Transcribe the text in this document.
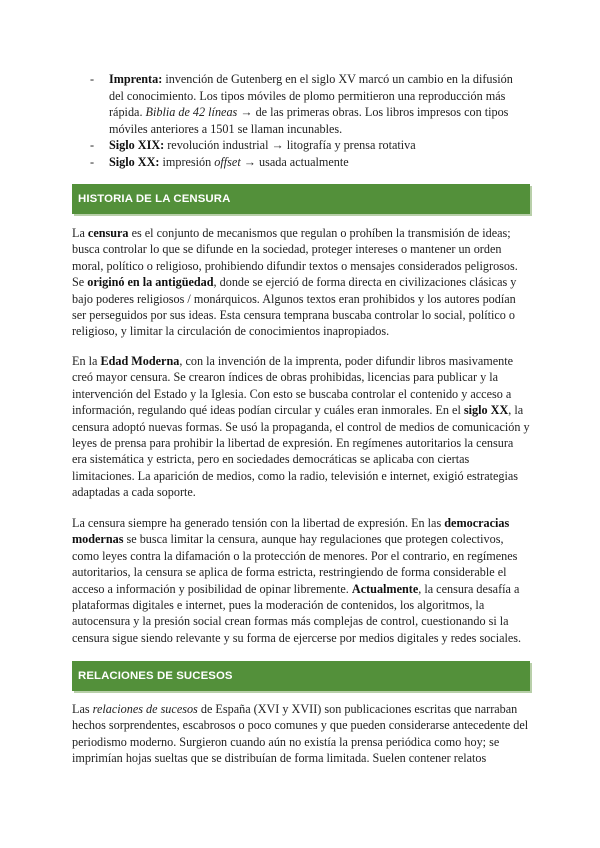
- Imprenta: invención de Gutenberg en el siglo XV marcó un cambio en la difusión del conocimiento. Los tipos móviles de plomo permitieron una reproducción más rápida. Biblia de 42 líneas → de las primeras obras. Los libros impresos con tipos móviles anteriores a 1501 se llaman incunables.
- Siglo XIX: revolución industrial → litografía y prensa rotativa
- Siglo XX: impresión offset → usada actualmente
HISTORIA DE LA CENSURA

La censura es el conjunto de mecanismos que regulan o prohíben la transmisión de ideas; busca controlar lo que se difunde en la sociedad, proteger intereses o mantener un orden moral, político o religioso, prohibiendo difundir textos o mensajes considerados peligrosos. Se originó en la antigüedad, donde se ejerció de forma directa en civilizaciones clásicas y bajo poderes religiosos / monárquicos. Algunos textos eran prohibidos y los autores podían ser perseguidos por sus ideas. Esta censura temprana buscaba controlar lo social, político o religioso, y limitar la circulación de conocimientos inapropiados.

En la Edad Moderna, con la invención de la imprenta, poder difundir libros masivamente creó mayor censura. Se crearon índices de obras prohibidas, licencias para publicar y la intervención del Estado y la Iglesia. Con esto se buscaba controlar el contenido y acceso a información, regulando qué ideas podían circular y cuáles eran inmorales. En el siglo XX, la censura adoptó nuevas formas. Se usó la propaganda, el control de medios de comunicación y leyes de prensa para prohibir la libertad de expresión. En regímenes autoritarios la censura era sistemática y estricta, pero en sociedades democráticas se aplicaba con ciertas limitaciones. La aparición de medios, como la radio, televisión e internet, exigió estrategias adaptadas a cada soporte.

La censura siempre ha generado tensión con la libertad de expresión. En las democracias modernas se busca limitar la censura, aunque hay regulaciones que protegen colectivos, como leyes contra la difamación o la protección de menores. Por el contrario, en regímenes autoritarios, la censura se aplica de forma estricta, restringiendo de forma considerable el acceso a información y posibilidad de opinar libremente. Actualmente, la censura desafía a plataformas digitales e internet, pues la moderación de contenidos, los algoritmos, la autocensura y la presión social crean formas más complejas de control, cuestionando si la censura sigue siendo relevante y su forma de ejercerse por medios digitales y redes sociales.

RELACIONES DE SUCESOS

Las relaciones de sucesos de España (XVI y XVII) son publicaciones escritas que narraban hechos sorprendentes, escabrosos o poco comunes y que pueden considerarse antecedente del periodismo moderno. Surgieron cuando aún no existía la prensa periódica como hoy; se imprimían hojas sueltas que se distribuían de forma limitada. Suelen contener relatos
